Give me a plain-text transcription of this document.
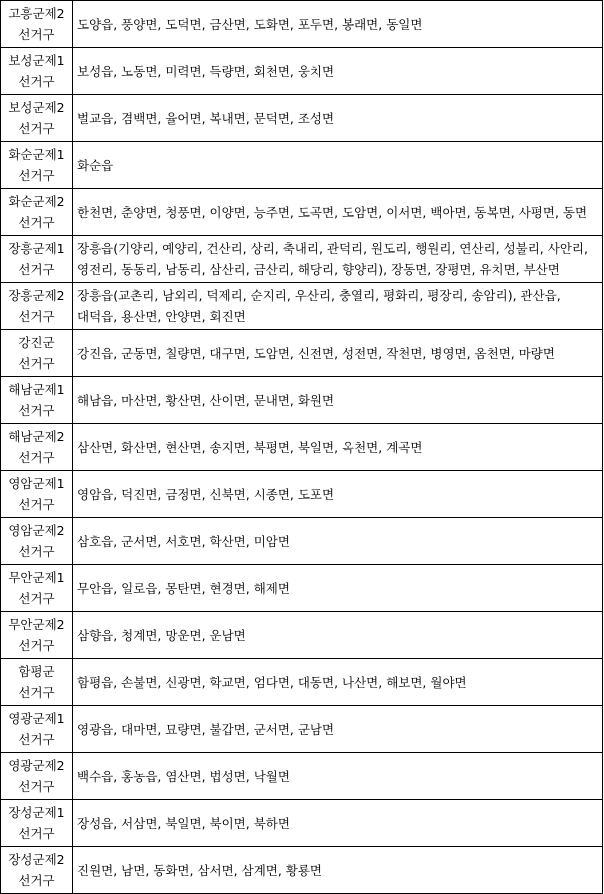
고흥군제2
선거구	도양읍, 풍양면, 도덕면, 금산면, 도화면, 포두면, 봉래면, 동일면

보성군제1
선거구	보성읍, 노동면, 미력면, 득량면, 회천면, 웅치면

보성군제2
선거구	벌교읍, 겸백면, 율어면, 복내면, 문덕면, 조성면

화순군제1
선거구	화순읍

화순군제2
선거구	한천면, 춘양면, 청풍면, 이양면, 능주면, 도곡면, 도암면, 이서면, 백아면, 동복면, 사평면, 동면

장흥군제1
선거구	장흥읍(기양리, 예양리, 건산리, 상리, 축내리, 관덕리, 원도리, 행원리, 연산리, 성불리, 사안리, 영전리, 동동리, 남동리, 삼산리, 금산리, 해당리, 향양리), 장동면, 장평면, 유치면, 부산면

장흥군제2
선거구	장흥읍(교촌리, 남외리, 덕제리, 순지리, 우산리, 충열리, 평화리, 평장리, 송암리), 관산읍, 대덕읍, 용산면, 안양면, 회진면

강진군
선거구	강진읍, 군동면, 칠량면, 대구면, 도암면, 신전면, 성전면, 작천면, 병영면, 옴천면, 마량면

해남군제1
선거구	해남읍, 마산면, 황산면, 산이면, 문내면, 화원면

해남군제2
선거구	삼산면, 화산면, 현산면, 송지면, 북평면, 북일면, 옥천면, 계곡면

영암군제1
선거구	영암읍, 덕진면, 금정면, 신북면, 시종면, 도포면

영암군제2
선거구	삼호읍, 군서면, 서호면, 학산면, 미암면

무안군제1
선거구	무안읍, 일로읍, 몽탄면, 현경면, 해제면

무안군제2
선거구	삼향읍, 청계면, 망운면, 운남면

함평군
선거구	함평읍, 손불면, 신광면, 학교면, 엄다면, 대동면, 나산면, 해보면, 월야면

영광군제1
선거구	영광읍, 대마면, 묘량면, 불갑면, 군서면, 군남면

영광군제2
선거구	백수읍, 홍농읍, 염산면, 법성면, 낙월면

장성군제1
선거구	장성읍, 서삼면, 북일면, 북이면, 북하면

장성군제2
선거구	진원면, 남면, 동화면, 삼서면, 삼계면, 황룡면
